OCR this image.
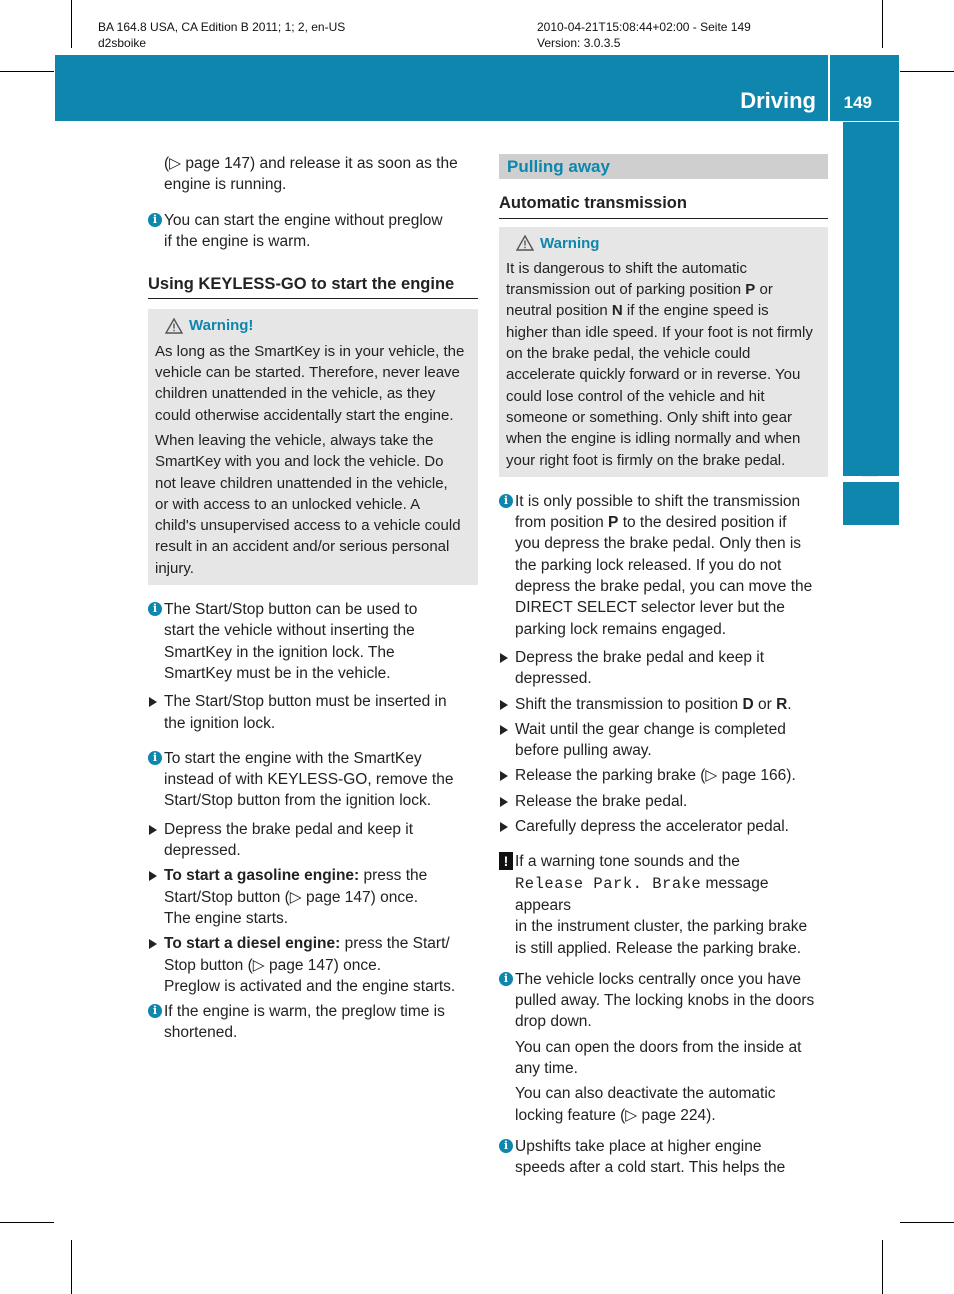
BA 164.8 USA, CA Edition B 2011; 1; 2, en-US
d2sboike
2010-04-21T15:08:44+02:00 - Seite 149
Version: 3.0.3.5
Driving 149
Driving and parking

(▷ page 147) and release it as soon as the

engine is running.

i You can start the engine without preglow

if the engine is warm.

Using KEYLESS-GO to start the engine
Warning!

As long as the SmartKey is in your vehicle, the

vehicle can be started. Therefore, never leave

children unattended in the vehicle, as they

could otherwise accidentally start the engine.

When leaving the vehicle, always take the

SmartKey with you and lock the vehicle. Do

not leave children unattended in the vehicle,

or with access to an unlocked vehicle. A

child's unsupervised access to a vehicle could

result in an accident and/or serious personal

injury.

i The Start/Stop button can be used to

start the vehicle without inserting the

SmartKey in the ignition lock. The

SmartKey must be in the vehicle.

The Start/Stop button must be inserted in

the ignition lock.

i To start the engine with the SmartKey

instead of with KEYLESS-GO, remove the

Start/Stop button from the ignition lock.

Depress the brake pedal and keep it

depressed.

To start a gasoline engine: press the

Start/Stop button (▷ page 147) once.

The engine starts.

To start a diesel engine: press the Start/

Stop button (▷ page 147) once.

Preglow is activated and the engine starts.

i If the engine is warm, the preglow time is

shortened.

Pulling away
Automatic transmission
Warning

It is dangerous to shift the automatic

transmission out of parking position P or

neutral position N if the engine speed is

higher than idle speed. If your foot is not firmly

on the brake pedal, the vehicle could

accelerate quickly forward or in reverse. You

could lose control of the vehicle and hit

someone or something. Only shift into gear

when the engine is idling normally and when

your right foot is firmly on the brake pedal.

i It is only possible to shift the transmission

from position P to the desired position if

you depress the brake pedal. Only then is

the parking lock released. If you do not

depress the brake pedal, you can move the

DIRECT SELECT selector lever but the

parking lock remains engaged.

Depress the brake pedal and keep it

depressed.

Shift the transmission to position D or R.

Wait until the gear change is completed

before pulling away.

Release the parking brake (▷ page 166).

Release the brake pedal.

Carefully depress the accelerator pedal.

! If a warning tone sounds and the

Release Park. Brake message appears

in the instrument cluster, the parking brake

is still applied. Release the parking brake.

i The vehicle locks centrally once you have

pulled away. The locking knobs in the doors

drop down.

You can open the doors from the inside at

any time.

You can also deactivate the automatic

locking feature (▷ page 224).

i Upshifts take place at higher engine

speeds after a cold start. This helps the
